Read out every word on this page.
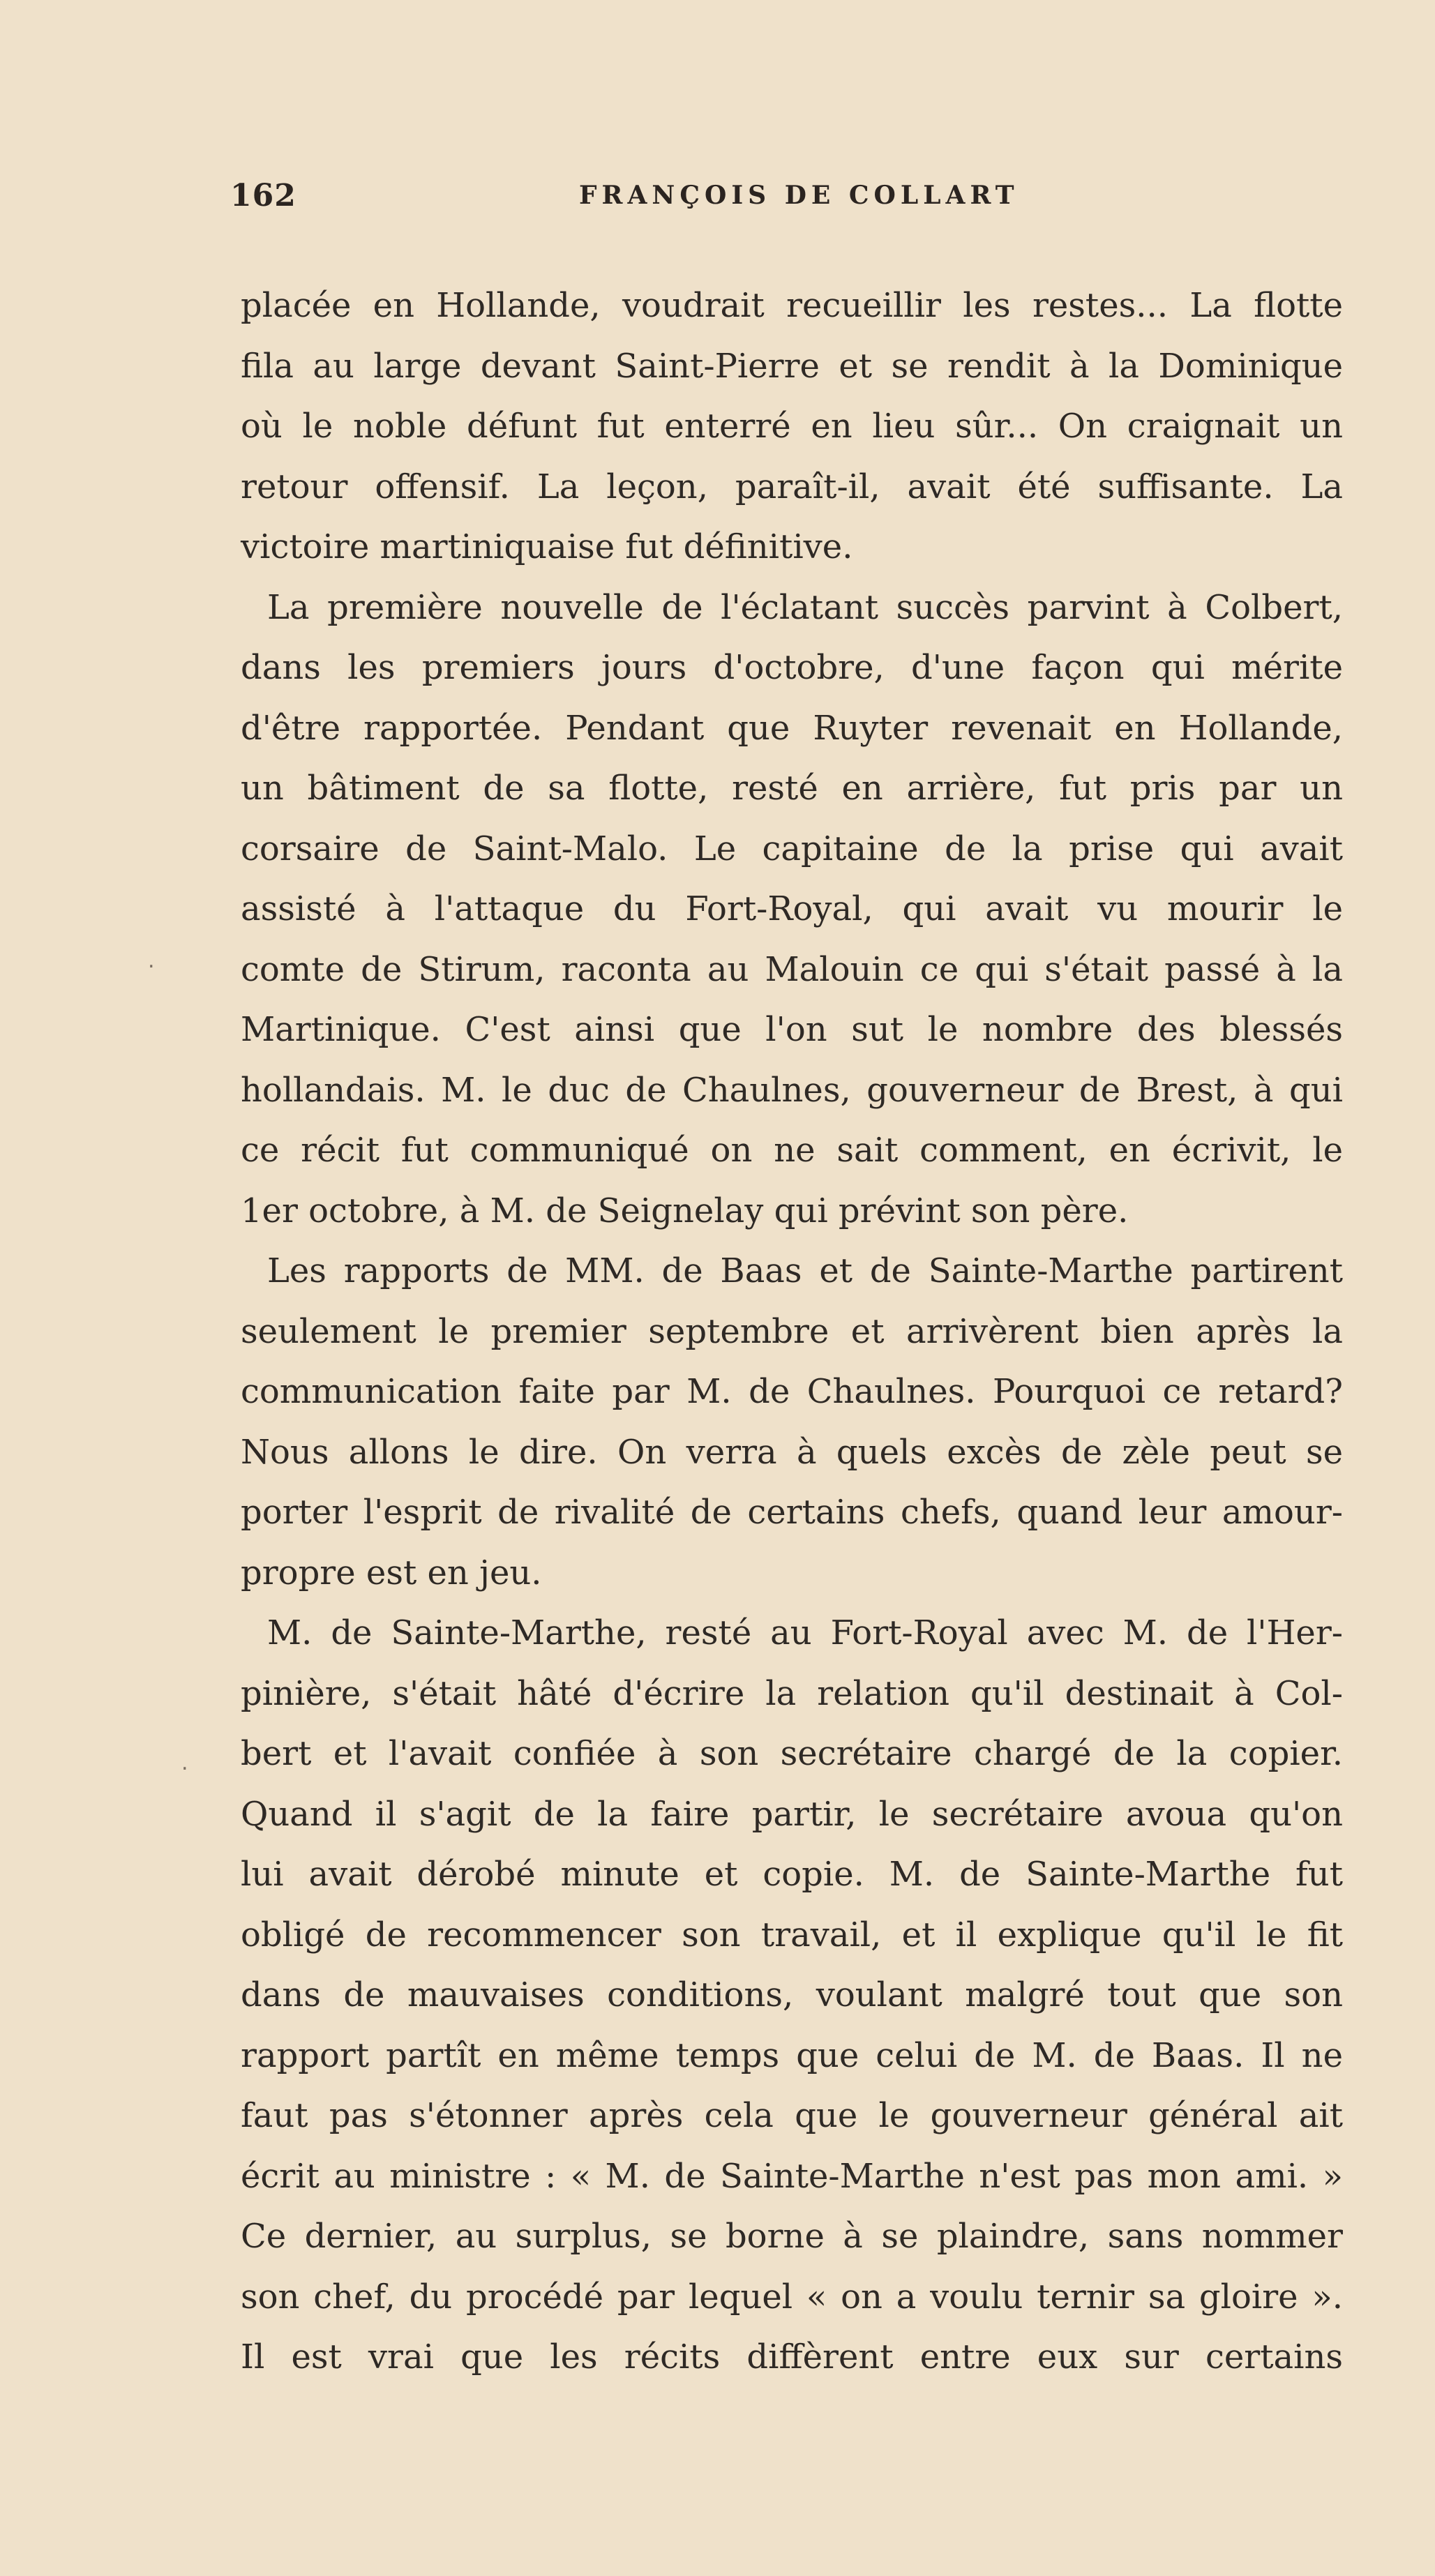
162	FRANÇOIS DE COLLART
placée en Hollande, voudrait recueillir les restes... La flotte
fila au large devant Saint-Pierre et se rendit à la Dominique
où le noble défunt fut enterré en lieu sûr... On craignait un
retour offensif. La leçon, paraît-il, avait été suffisante. La
victoire martiniquaise fut définitive.
La première nouvelle de l'éclatant succès parvint à Colbert,
dans les premiers jours d'octobre, d'une façon qui mérite
d'être rapportée. Pendant que Ruyter revenait en Hollande,
un bâtiment de sa flotte, resté en arrière, fut pris par un
corsaire de Saint-Malo. Le capitaine de la prise qui avait
assisté à l'attaque du Fort-Royal, qui avait vu mourir le
comte de Stirum, raconta au Malouin ce qui s'était passé à la
Martinique. C'est ainsi que l'on sut le nombre des blessés
hollandais. M. le duc de Chaulnes, gouverneur de Brest, à qui
ce récit fut communiqué on ne sait comment, en écrivit, le
1er octobre, à M. de Seignelay qui prévint son père.
Les rapports de MM. de Baas et de Sainte-Marthe partirent
seulement le premier septembre et arrivèrent bien après la
communication faite par M. de Chaulnes. Pourquoi ce retard?
Nous allons le dire. On verra à quels excès de zèle peut se
porter l'esprit de rivalité de certains chefs, quand leur amour-
propre est en jeu.
M. de Sainte-Marthe, resté au Fort-Royal avec M. de l'Her-
pinière, s'était hâté d'écrire la relation qu'il destinait à Col-
bert et l'avait confiée à son secrétaire chargé de la copier.
Quand il s'agit de la faire partir, le secrétaire avoua qu'on
lui avait dérobé minute et copie. M. de Sainte-Marthe fut
obligé de recommencer son travail, et il explique qu'il le fit
dans de mauvaises conditions, voulant malgré tout que son
rapport partît en même temps que celui de M. de Baas. Il ne
faut pas s'étonner après cela que le gouverneur général ait
écrit au ministre : « M. de Sainte-Marthe n'est pas mon ami. »
Ce dernier, au surplus, se borne à se plaindre, sans nommer
son chef, du procédé par lequel « on a voulu ternir sa gloire ».
Il est vrai que les récits diffèrent entre eux sur certains
.
.
